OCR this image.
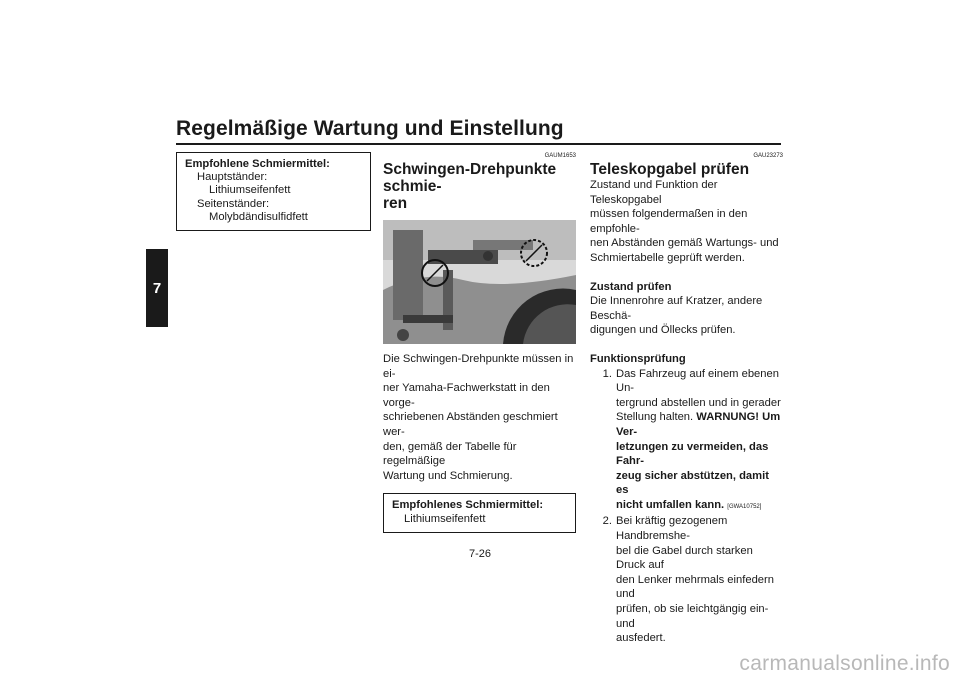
Regelmäßige Wartung und Einstellung
7
Empfohlene Schmiermittel:
Hauptständer:
Lithiumseifenfett
Seitenständer:
Molybdändisulfidfett
GAUM1653
Schwingen-Drehpunkte schmie-
ren
Die Schwingen-Drehpunkte müssen in ei-
ner Yamaha-Fachwerkstatt in den vorge-
schriebenen Abständen geschmiert wer-
den, gemäß der Tabelle für regelmäßige
Wartung und Schmierung.
Empfohlenes Schmiermittel:
Lithiumseifenfett
GAU23273
Teleskopgabel prüfen
Zustand und Funktion der Teleskopgabel
müssen folgendermaßen in den empfohle-
nen Abständen gemäß Wartungs- und
Schmiertabelle geprüft werden.
Zustand prüfen
Die Innenrohre auf Kratzer, andere Beschä-
digungen und Öllecks prüfen.
Funktionsprüfung
1. Das Fahrzeug auf einem ebenen Un-
tergrund abstellen und in gerader
Stellung halten. WARNUNG! Um Ver-
letzungen zu vermeiden, das Fahr-
zeug sicher abstützen, damit es
nicht umfallen kann. [GWA10752]
2. Bei kräftig gezogenem Handbremshe-
bel die Gabel durch starken Druck auf
den Lenker mehrmals einfedern und
prüfen, ob sie leichtgängig ein- und
ausfedert.
7-26
carmanualsonline.info
